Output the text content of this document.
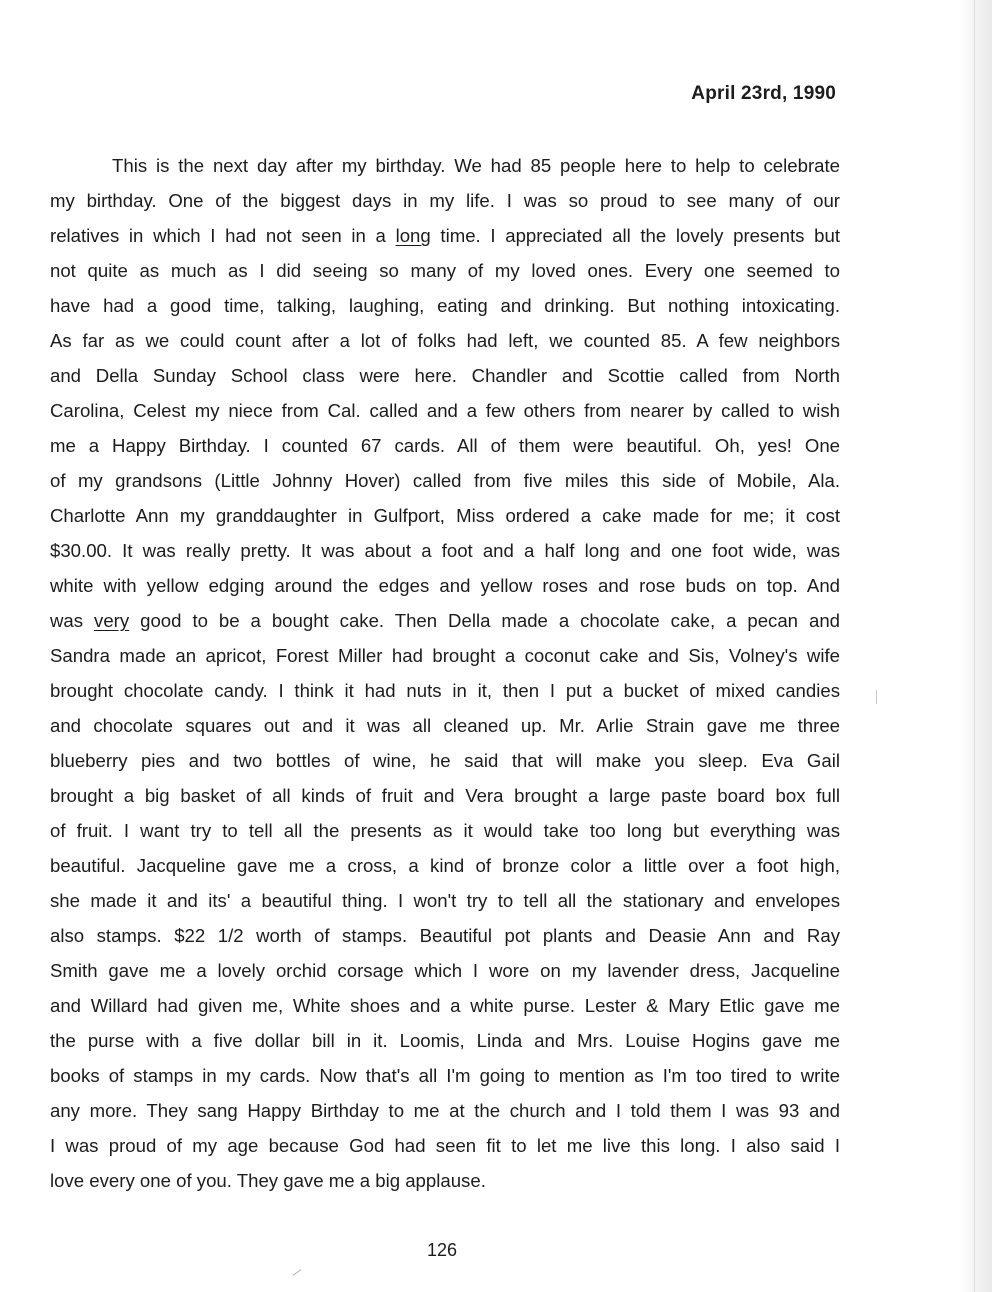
April 23rd, 1990
This is the next day after my birthday. We had 85 people here to help to celebrate
my birthday. One of the biggest days in my life. I was so proud to see many of our
relatives in which I had not seen in a long time. I appreciated all the lovely presents but
not quite as much as I did seeing so many of my loved ones. Every one seemed to
have had a good time, talking, laughing, eating and drinking. But nothing intoxicating.
As far as we could count after a lot of folks had left, we counted 85. A few neighbors
and Della Sunday School class were here. Chandler and Scottie called from North
Carolina, Celest my niece from Cal. called and a few others from nearer by called to wish
me a Happy Birthday. I counted 67 cards. All of them were beautiful. Oh, yes! One
of my grandsons (Little Johnny Hover) called from five miles this side of Mobile, Ala.
Charlotte Ann my granddaughter in Gulfport, Miss ordered a cake made for me; it cost
$30.00. It was really pretty. It was about a foot and a half long and one foot wide, was
white with yellow edging around the edges and yellow roses and rose buds on top. And
was very good to be a bought cake. Then Della made a chocolate cake, a pecan and
Sandra made an apricot, Forest Miller had brought a coconut cake and Sis, Volney's wife
brought chocolate candy. I think it had nuts in it, then I put a bucket of mixed candies
and chocolate squares out and it was all cleaned up. Mr. Arlie Strain gave me three
blueberry pies and two bottles of wine, he said that will make you sleep. Eva Gail
brought a big basket of all kinds of fruit and Vera brought a large paste board box full
of fruit. I want try to tell all the presents as it would take too long but everything was
beautiful. Jacqueline gave me a cross, a kind of bronze color a little over a foot high,
she made it and its' a beautiful thing. I won't try to tell all the stationary and envelopes
also stamps. $22 1/2 worth of stamps. Beautiful pot plants and Deasie Ann and Ray
Smith gave me a lovely orchid corsage which I wore on my lavender dress, Jacqueline
and Willard had given me, White shoes and a white purse. Lester & Mary Etlic gave me
the purse with a five dollar bill in it. Loomis, Linda and Mrs. Louise Hogins gave me
books of stamps in my cards. Now that's all I'm going to mention as I'm too tired to write
any more. They sang Happy Birthday to me at the church and I told them I was 93 and
I was proud of my age because God had seen fit to let me live this long. I also said I
love every one of you. They gave me a big applause.
126
